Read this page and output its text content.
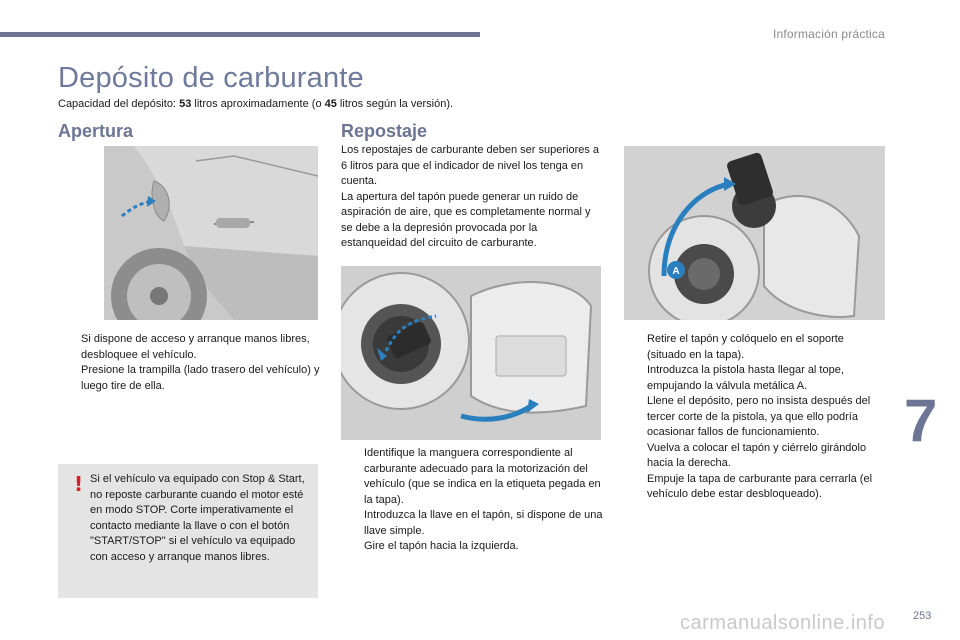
Información práctica
Depósito de carburante

Capacidad del depósito: 53 litros aproximadamente (o 45 litros según la versión).

Apertura	Repostaje
A
Si dispone de acceso y arranque manos libres, desbloquee el vehículo.
Presione la trampilla (lado trasero del vehículo) y luego tire de ella.
! Si el vehículo va equipado con Stop & Start, no reposte carburante cuando el motor esté en modo STOP. Corte imperativamente el contacto mediante la llave o con el botón "START/STOP" si el vehículo va equipado con acceso y arranque manos libres.

Los repostajes de carburante deben ser superiores a 6 litros para que el indicador de nivel los tenga en cuenta.

La apertura del tapón puede generar un ruido de aspiración de aire, que es completamente normal y se debe a la depresión provocada por la estanqueidad del circuito de carburante.

Identifique la manguera correspondiente al carburante adecuado para la motorización del vehículo (que se indica en la etiqueta pegada en la tapa).
Introduzca la llave en el tapón, si dispone de una llave simple.
Gire el tapón hacia la izquierda.
Retire el tapón y colóquelo en el soporte (situado en la tapa).
Introduzca la pistola hasta llegar al tope, empujando la válvula metálica A.
Llene el depósito, pero no insista después del tercer corte de la pistola, ya que ello podría ocasionar fallos de funcionamiento.
Vuelva a colocar el tapón y ciérrelo girándolo hacia la derecha.
Empuje la tapa de carburante para cerrarla (el vehículo debe estar desbloqueado).
7
carmanualsonline.info	253
